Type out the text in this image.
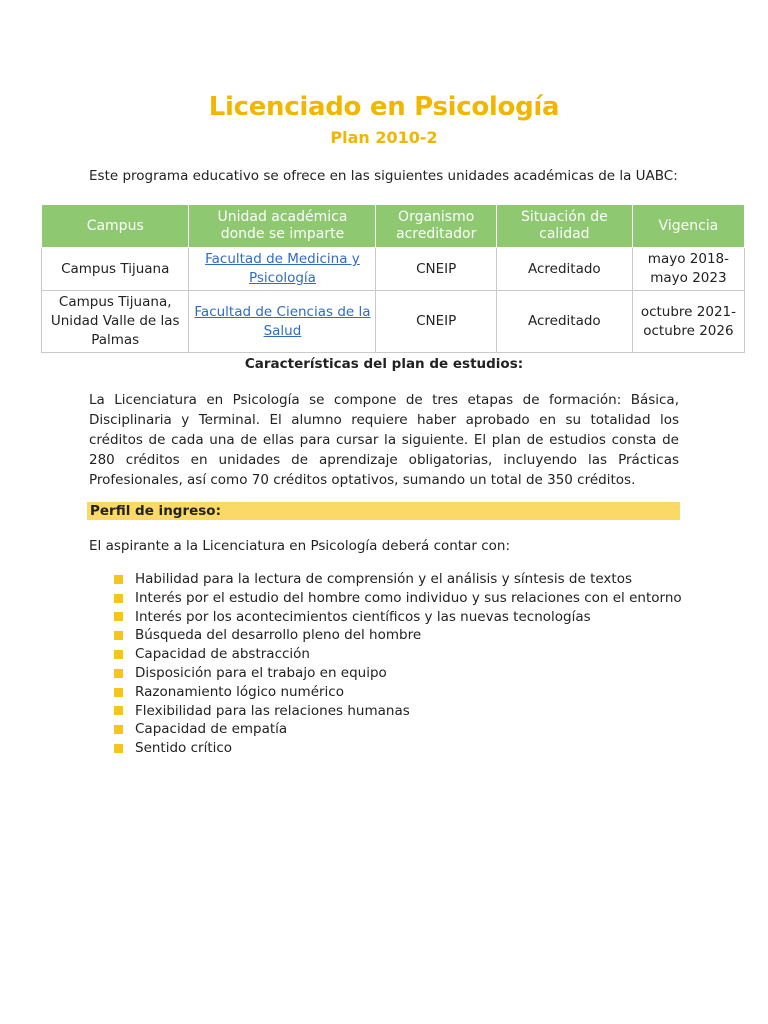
Licenciado en Psicología
Plan 2010-2
Este programa educativo se ofrece en las siguientes unidades académicas de la UABC:
Campus	Unidad académica donde se imparte	Organismo acreditador	Situación de calidad	Vigencia
Campus Tijuana	Facultad de Medicina y Psicología	CNEIP	Acreditado	mayo 2018- mayo 2023
Campus Tijuana, Unidad Valle de las Palmas	Facultad de Ciencias de la Salud	CNEIP	Acreditado	octubre 2021- octubre 2026
Características del plan de estudios:
La Licenciatura en Psicología se compone de tres etapas de formación: Básica, Disciplinaria y Terminal. El alumno requiere haber aprobado en su totalidad los créditos de cada una de ellas para cursar la siguiente. El plan de estudios consta de 280 créditos en unidades de aprendizaje obligatorias, incluyendo las Prácticas Profesionales, así como 70 créditos optativos, sumando un total de 350 créditos.
Perfil de ingreso:
El aspirante a la Licenciatura en Psicología deberá contar con:
Habilidad para la lectura de comprensión y el análisis y síntesis de textos
Interés por el estudio del hombre como individuo y sus relaciones con el entorno
Interés por los acontecimientos científicos y las nuevas tecnologías
Búsqueda del desarrollo pleno del hombre
Capacidad de abstracción
Disposición para el trabajo en equipo
Razonamiento lógico numérico
Flexibilidad para las relaciones humanas
Capacidad de empatía
Sentido crítico
